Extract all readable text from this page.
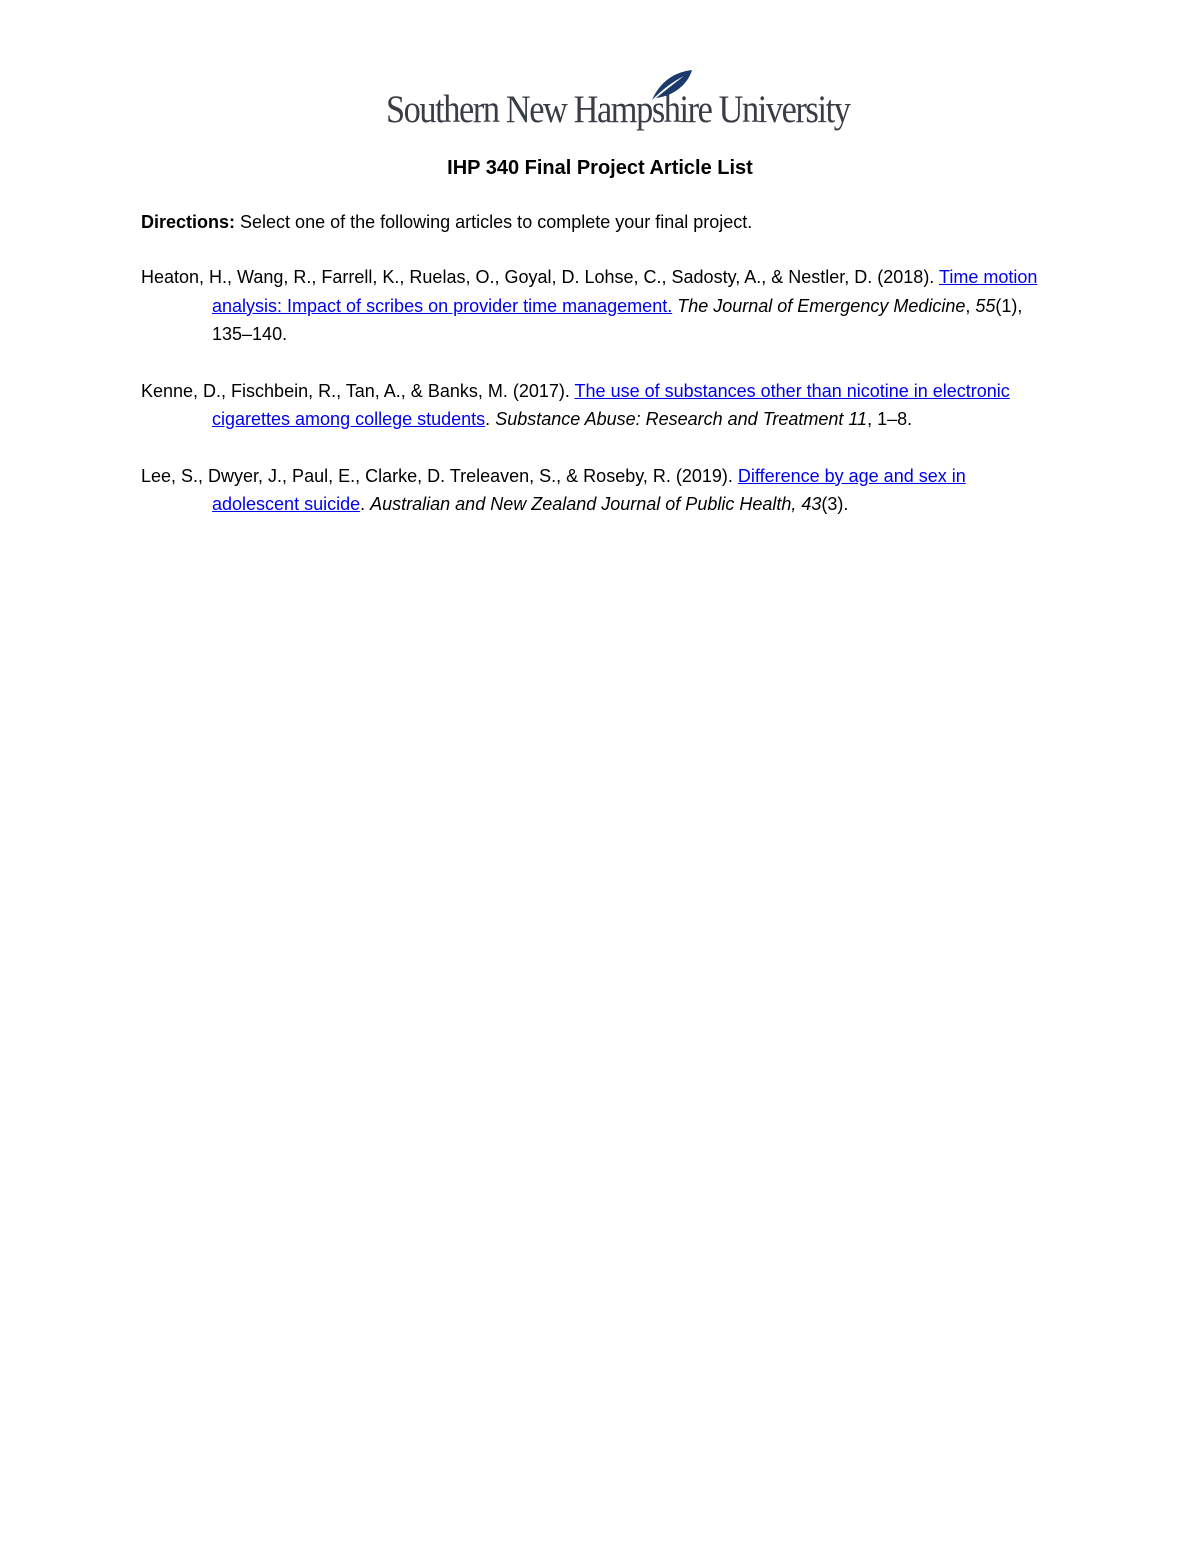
Southern New Hampshire University
IHP 340 Final Project Article List
Directions: Select one of the following articles to complete your final project.

Heaton, H., Wang, R., Farrell, K., Ruelas, O., Goyal, D. Lohse, C., Sadosty, A., & Nestler, D. (2018). Time motion analysis: Impact of scribes on provider time management. The Journal of Emergency Medicine, 55(1), 135–140.

Kenne, D., Fischbein, R., Tan, A., & Banks, M. (2017). The use of substances other than nicotine in electronic cigarettes among college students. Substance Abuse: Research and Treatment 11, 1–8.

Lee, S., Dwyer, J., Paul, E., Clarke, D. Treleaven, S., & Roseby, R. (2019). Difference by age and sex in adolescent suicide. Australian and New Zealand Journal of Public Health, 43(3).
